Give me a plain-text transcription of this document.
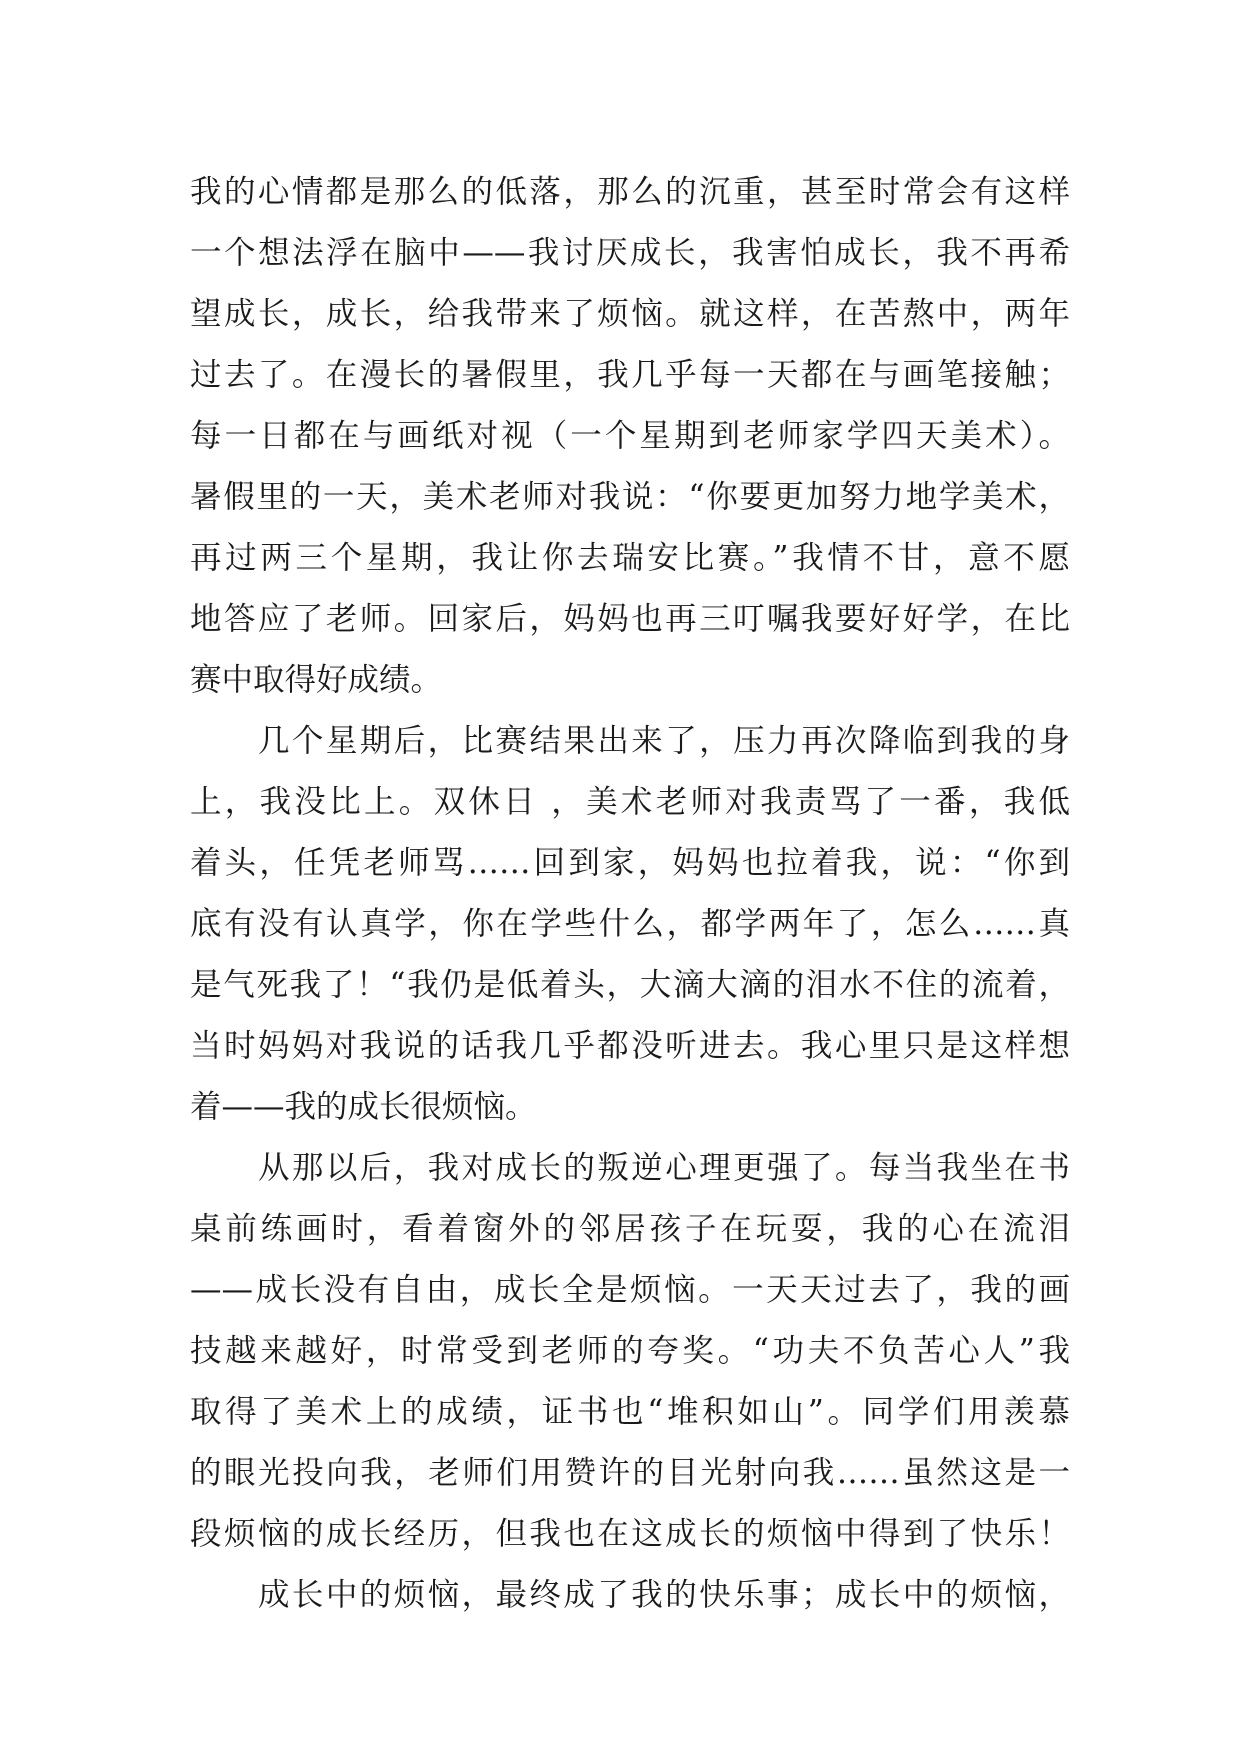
我的心情都是那么的低落，那么的沉重，甚至时常会有这样
一个想法浮在脑中——我讨厌成长，我害怕成长，我不再希
望成长，成长，给我带来了烦恼。就这样，在苦熬中，两年
过去了。在漫长的暑假里，我几乎每一天都在与画笔接触；
每一日都在与画纸对视（一个星期到老师家学四天美术）。
暑假里的一天，美术老师对我说：“你要更加努力地学美术，
再过两三个星期，我让你去瑞安比赛。”我情不甘，意不愿
地答应了老师。回家后，妈妈也再三叮嘱我要好好学，在比
赛中取得好成绩。
几个星期后，比赛结果出来了，压力再次降临到我的身
上，我没比上。双休日 ，美术老师对我责骂了一番，我低
着头，任凭老师骂……回到家，妈妈也拉着我，说：“你到
底有没有认真学，你在学些什么，都学两年了，怎么……真
是气死我了！“我仍是低着头，大滴大滴的泪水不住的流着，
当时妈妈对我说的话我几乎都没听进去。我心里只是这样想
着——我的成长很烦恼。
从那以后，我对成长的叛逆心理更强了。每当我坐在书
桌前练画时，看着窗外的邻居孩子在玩耍，我的心在流泪
——成长没有自由，成长全是烦恼。一天天过去了，我的画
技越来越好，时常受到老师的夸奖。“功夫不负苦心人”我
取得了美术上的成绩，证书也“堆积如山”。同学们用羡慕
的眼光投向我，老师们用赞许的目光射向我……虽然这是一
段烦恼的成长经历，但我也在这成长的烦恼中得到了快乐！
成长中的烦恼，最终成了我的快乐事；成长中的烦恼，
